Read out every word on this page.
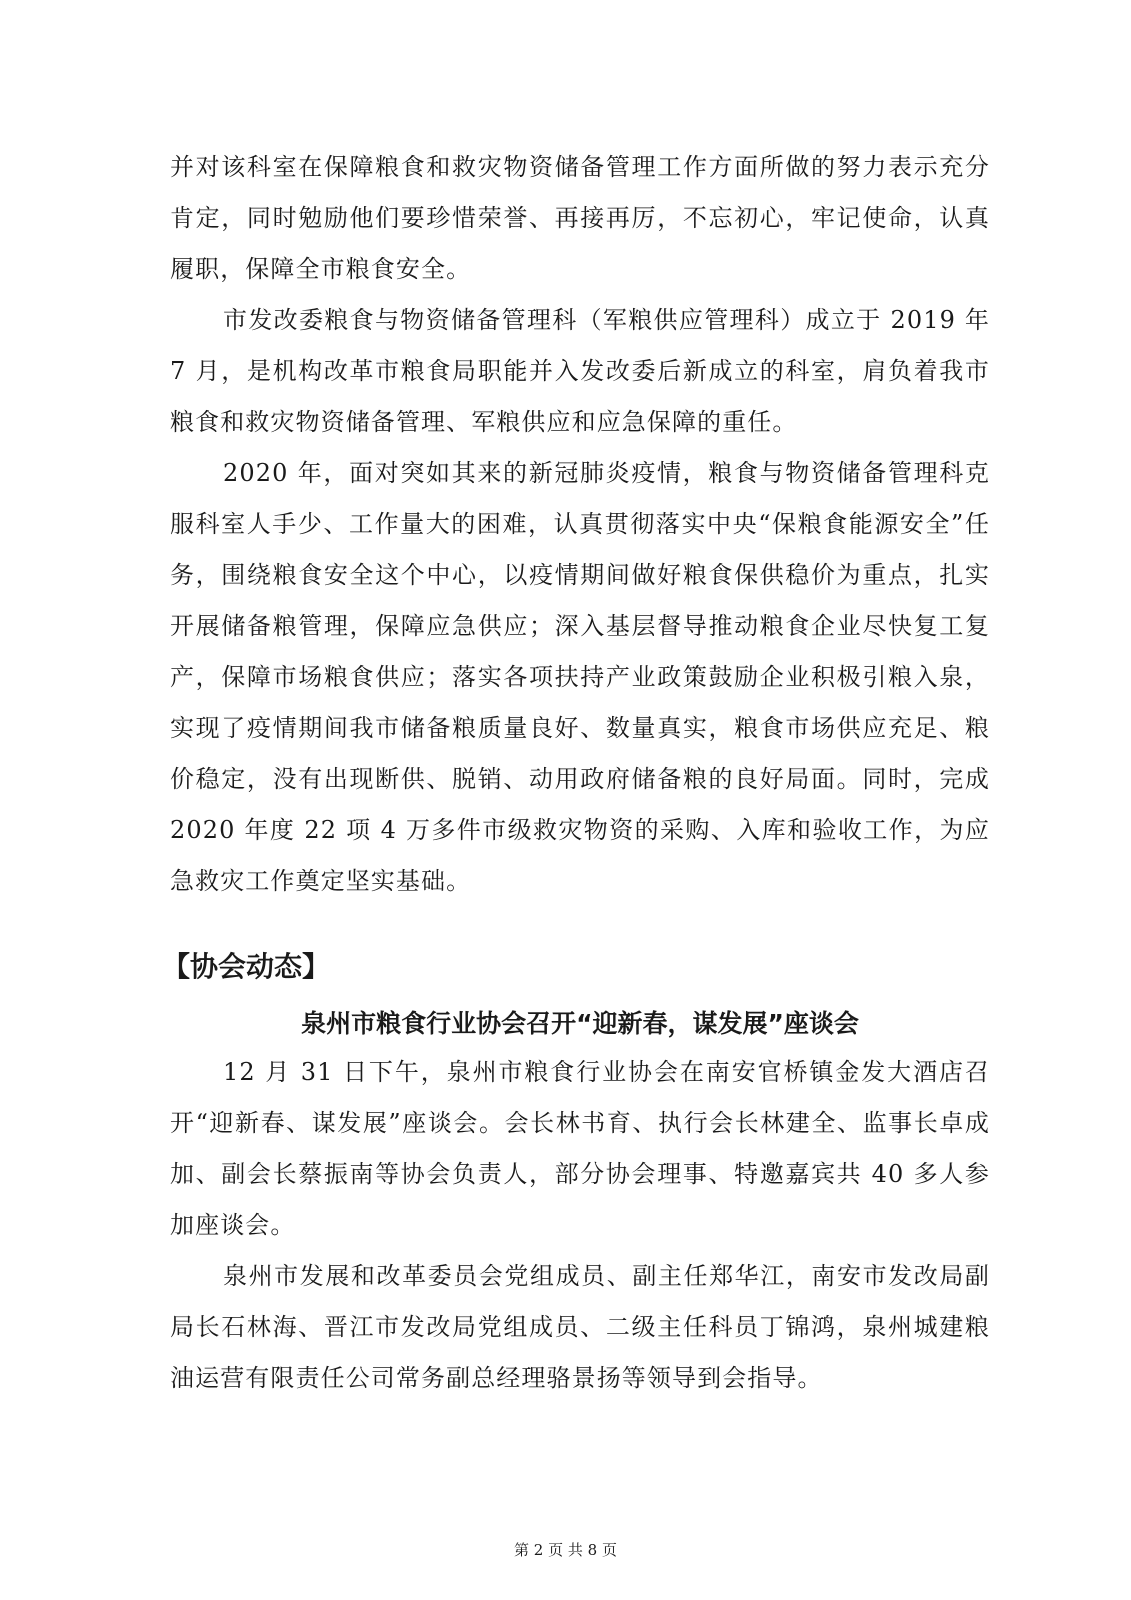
并对该科室在保障粮食和救灾物资储备管理工作方面所做的努力表示充分肯定，同时勉励他们要珍惜荣誉、再接再厉，不忘初心，牢记使命，认真履职，保障全市粮食安全。

市发改委粮食与物资储备管理科（军粮供应管理科）成立于 2019 年 7 月，是机构改革市粮食局职能并入发改委后新成立的科室，肩负着我市粮食和救灾物资储备管理、军粮供应和应急保障的重任。

2020 年，面对突如其来的新冠肺炎疫情，粮食与物资储备管理科克服科室人手少、工作量大的困难，认真贯彻落实中央“保粮食能源安全”任务，围绕粮食安全这个中心，以疫情期间做好粮食保供稳价为重点，扎实开展储备粮管理，保障应急供应；深入基层督导推动粮食企业尽快复工复产，保障市场粮食供应；落实各项扶持产业政策鼓励企业积极引粮入泉，实现了疫情期间我市储备粮质量良好、数量真实，粮食市场供应充足、粮价稳定，没有出现断供、脱销、动用政府储备粮的良好局面。同时，完成 2020 年度 22 项 4 万多件市级救灾物资的采购、入库和验收工作，为应急救灾工作奠定坚实基础。

【协会动态】
泉州市粮食行业协会召开“迎新春，谋发展”座谈会

12 月 31 日下午，泉州市粮食行业协会在南安官桥镇金发大酒店召开“迎新春、谋发展”座谈会。会长林书育、执行会长林建全、监事长卓成加、副会长蔡振南等协会负责人，部分协会理事、特邀嘉宾共 40 多人参加座谈会。

泉州市发展和改革委员会党组成员、副主任郑华江，南安市发改局副局长石林海、晋江市发改局党组成员、二级主任科员丁锦鸿，泉州城建粮油运营有限责任公司常务副总经理骆景扬等领导到会指导。

第 2 页 共 8 页
